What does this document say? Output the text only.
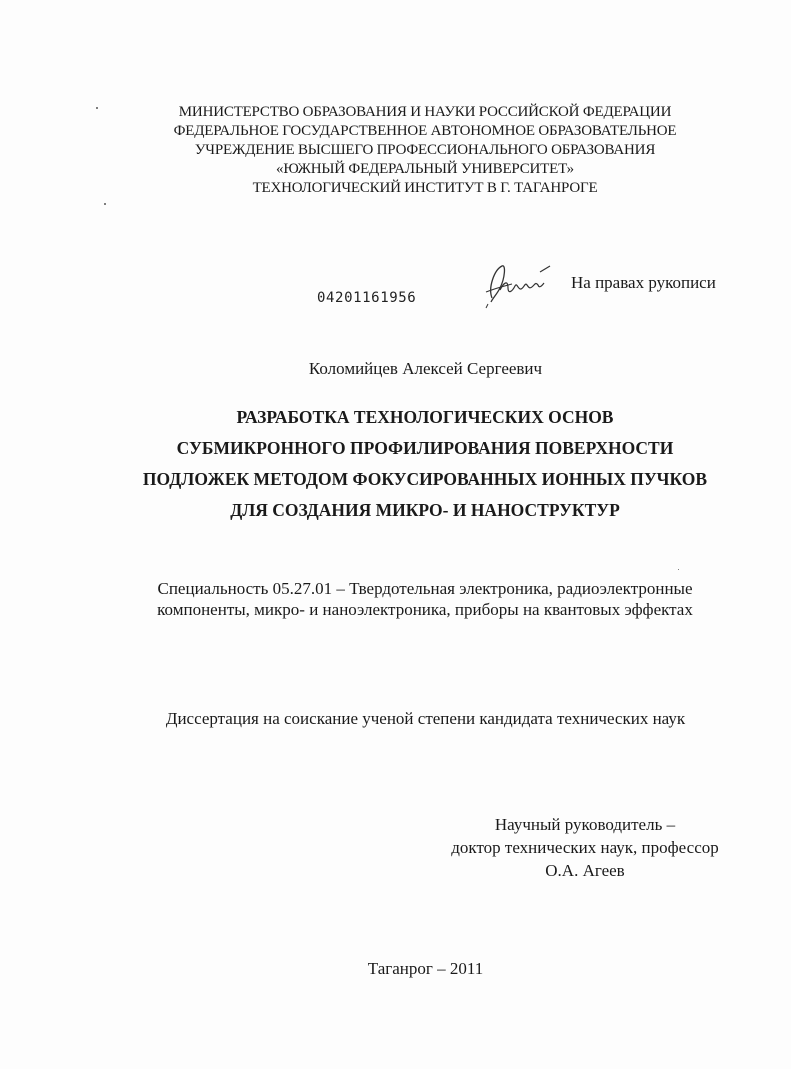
МИНИСТЕРСТВО ОБРАЗОВАНИЯ И НАУКИ РОССИЙСКОЙ ФЕДЕРАЦИИ
ФЕДЕРАЛЬНОЕ ГОСУДАРСТВЕННОЕ АВТОНОМНОЕ ОБРАЗОВАТЕЛЬНОЕ
УЧРЕЖДЕНИЕ ВЫСШЕГО ПРОФЕССИОНАЛЬНОГО ОБРАЗОВАНИЯ
«ЮЖНЫЙ ФЕДЕРАЛЬНЫЙ УНИВЕРСИТЕТ»
ТЕХНОЛОГИЧЕСКИЙ ИНСТИТУТ В Г. ТАГАНРОГЕ
04201161956
На правах рукописи
Коломийцев Алексей Сергеевич
РАЗРАБОТКА ТЕХНОЛОГИЧЕСКИХ ОСНОВ
СУБМИКРОННОГО ПРОФИЛИРОВАНИЯ ПОВЕРХНОСТИ
ПОДЛОЖЕК МЕТОДОМ ФОКУСИРОВАННЫХ ИОННЫХ ПУЧКОВ
ДЛЯ СОЗДАНИЯ МИКРО- И НАНОСТРУКТУР
Специальность 05.27.01 – Твердотельная электроника, радиоэлектронные
компоненты, микро- и наноэлектроника, приборы на квантовых эффектах
Диссертация на соискание ученой степени кандидата технических наук
Научный руководитель –
доктор технических наук, профессор
О.А. Агеев
Таганрог – 2011
